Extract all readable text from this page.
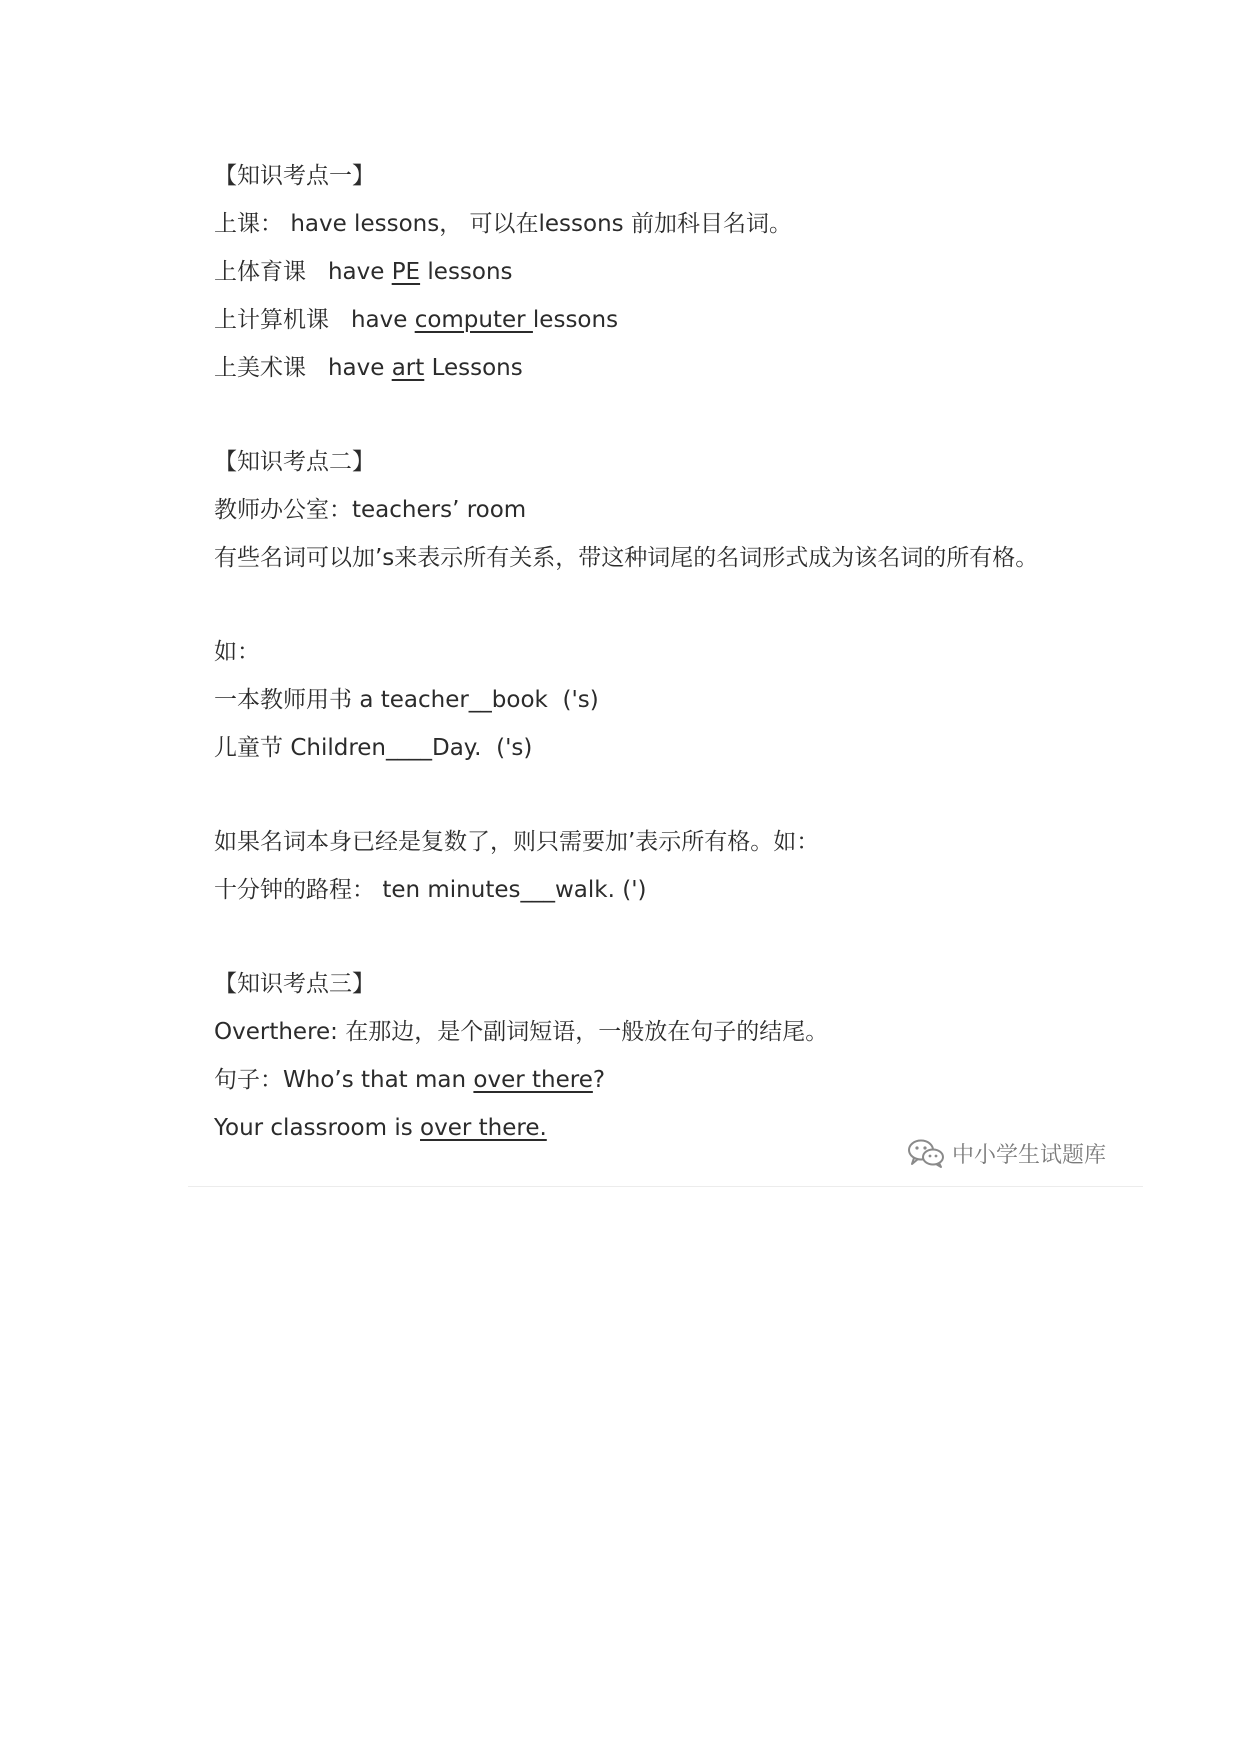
【知识考点一】
上课： have lessons， 可以在lessons 前加科目名词。
上体育课 have PE lessons
上计算机课 have computer lessons
上美术课 have art Lessons
【知识考点二】
教师办公室：teachers’ room
有些名词可以加’s来表示所有关系，带这种词尾的名词形式成为该名词的所有格。
如：
一本教师用书 a teacher__book ('s)
儿童节 Children____Day. ('s)
如果名词本身已经是复数了，则只需要加’表示所有格。如：
十分钟的路程： ten minutes___walk. (')
【知识考点三】
Overthere: 在那边，是个副词短语，一般放在句子的结尾。
句子：Who’s that man over there?
Your classroom is over there.
中小学生试题库
